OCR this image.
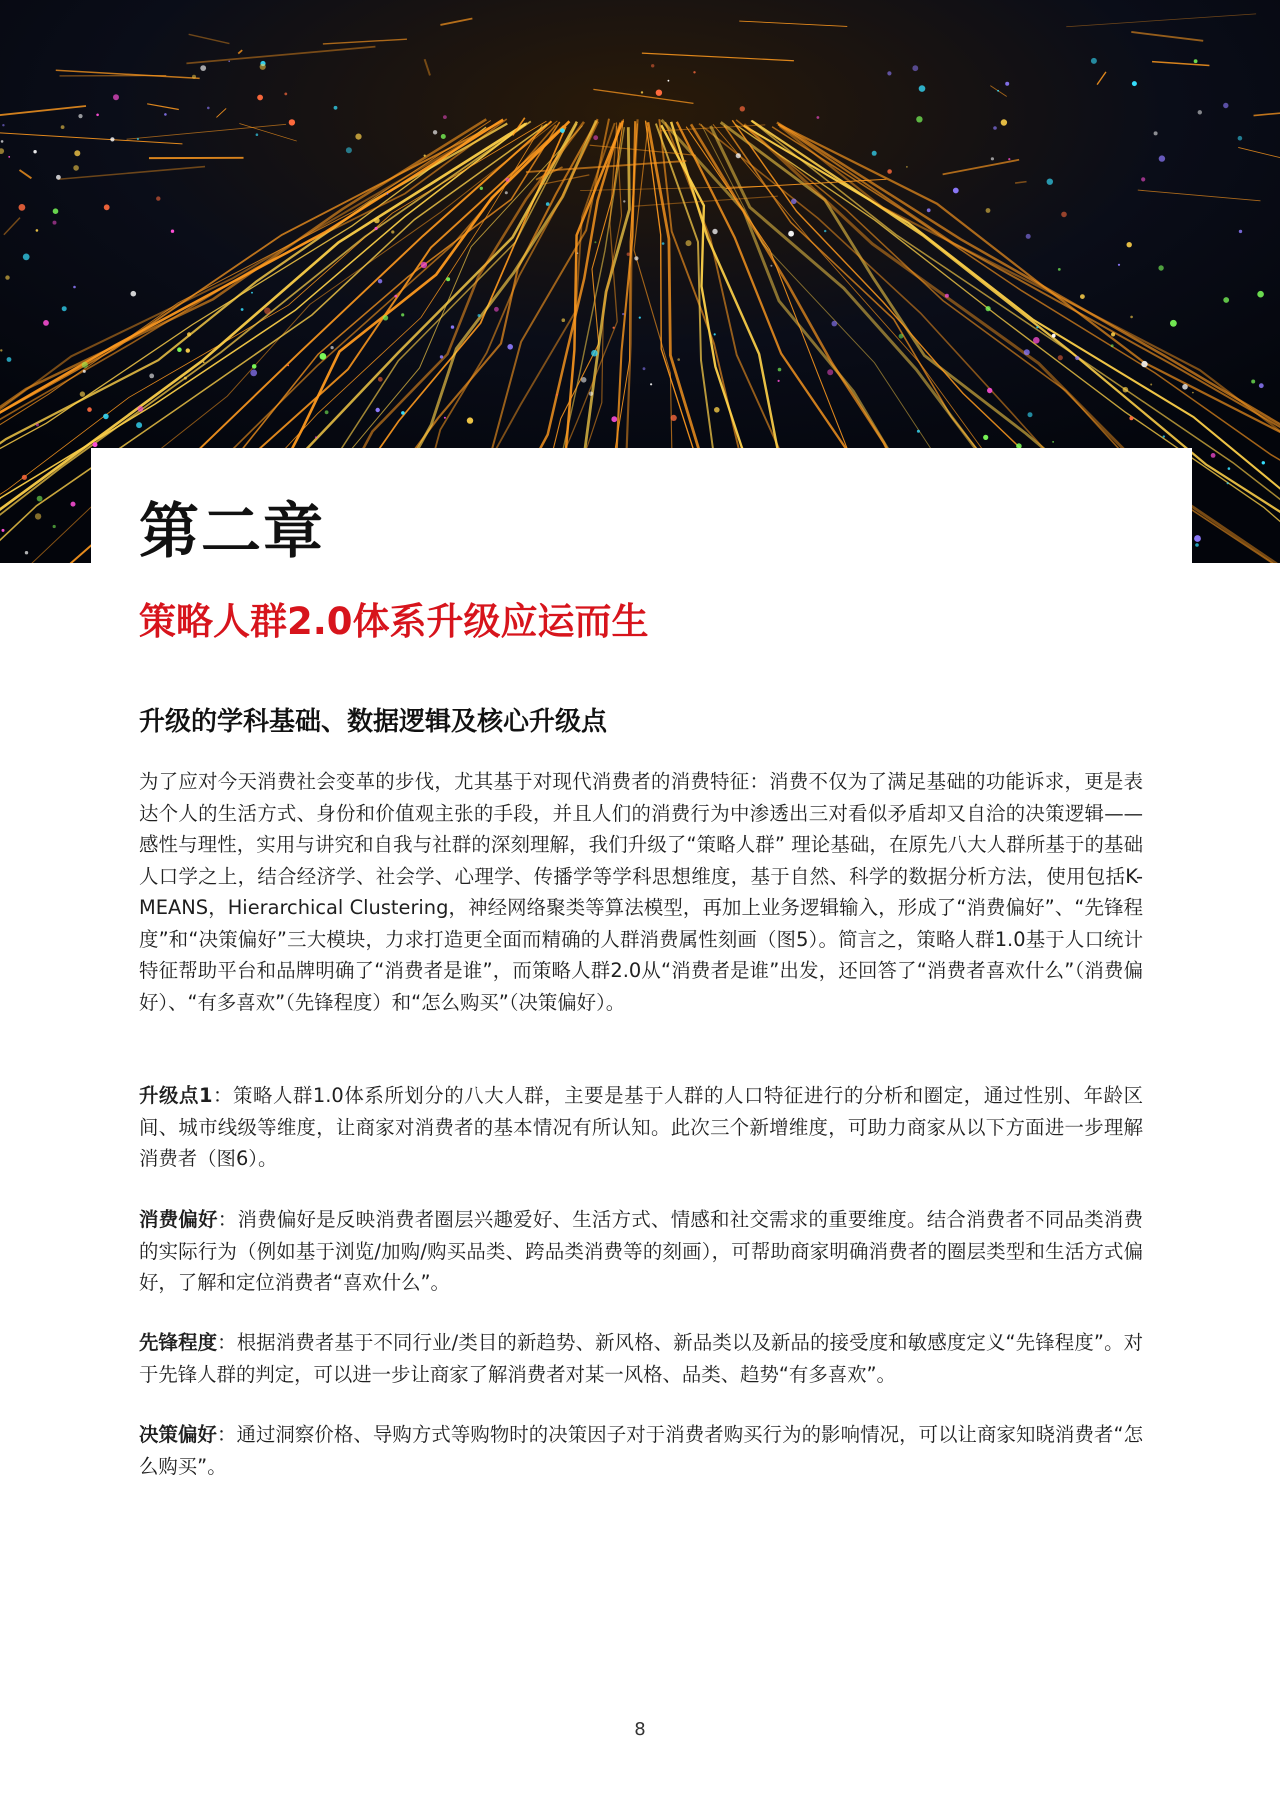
第二章
策略人群2.0体系升级应运而生
升级的学科基础、数据逻辑及核心升级点

为了应对今天消费社会变革的步伐，尤其基于对现代消费者的消费特征：消费不仅为了满足基础的功能诉求，更是表达个人的生活方式、身份和价值观主张的手段，并且人们的消费行为中渗透出三对看似矛盾却又自洽的决策逻辑——感性与理性，实用与讲究和自我与社群的深刻理解，我们升级了“策略人群” 理论基础，在原先八大人群所基于的基础人口学之上，结合经济学、社会学、心理学、传播学等学科思想维度，基于自然、科学的数据分析方法，使用包括K-MEANS，Hierarchical Clustering，神经网络聚类等算法模型，再加上业务逻辑输入，形成了“消费偏好”、“先锋程度”和“决策偏好”三大模块，力求打造更全面而精确的人群消费属性刻画（图5）。简言之，策略人群1.0基于人口统计特征帮助平台和品牌明确了“消费者是谁”，而策略人群2.0从“消费者是谁”出发，还回答了“消费者喜欢什么”（消费偏好）、“有多喜欢”（先锋程度）和“怎么购买”（决策偏好）。

升级点1：策略人群1.0体系所划分的八大人群，主要是基于人群的人口特征进行的分析和圈定，通过性别、年龄区间、城市线级等维度，让商家对消费者的基本情况有所认知。此次三个新增维度，可助力商家从以下方面进一步理解消费者（图6）。

消费偏好：消费偏好是反映消费者圈层兴趣爱好、生活方式、情感和社交需求的重要维度。结合消费者不同品类消费的实际行为（例如基于浏览/加购/购买品类、跨品类消费等的刻画），可帮助商家明确消费者的圈层类型和生活方式偏好，了解和定位消费者“喜欢什么”。

先锋程度：根据消费者基于不同行业/类目的新趋势、新风格、新品类以及新品的接受度和敏感度定义“先锋程度”。对于先锋人群的判定，可以进一步让商家了解消费者对某一风格、品类、趋势“有多喜欢”。

决策偏好：通过洞察价格、导购方式等购物时的决策因子对于消费者购买行为的影响情况，可以让商家知晓消费者“怎么购买”。

8
